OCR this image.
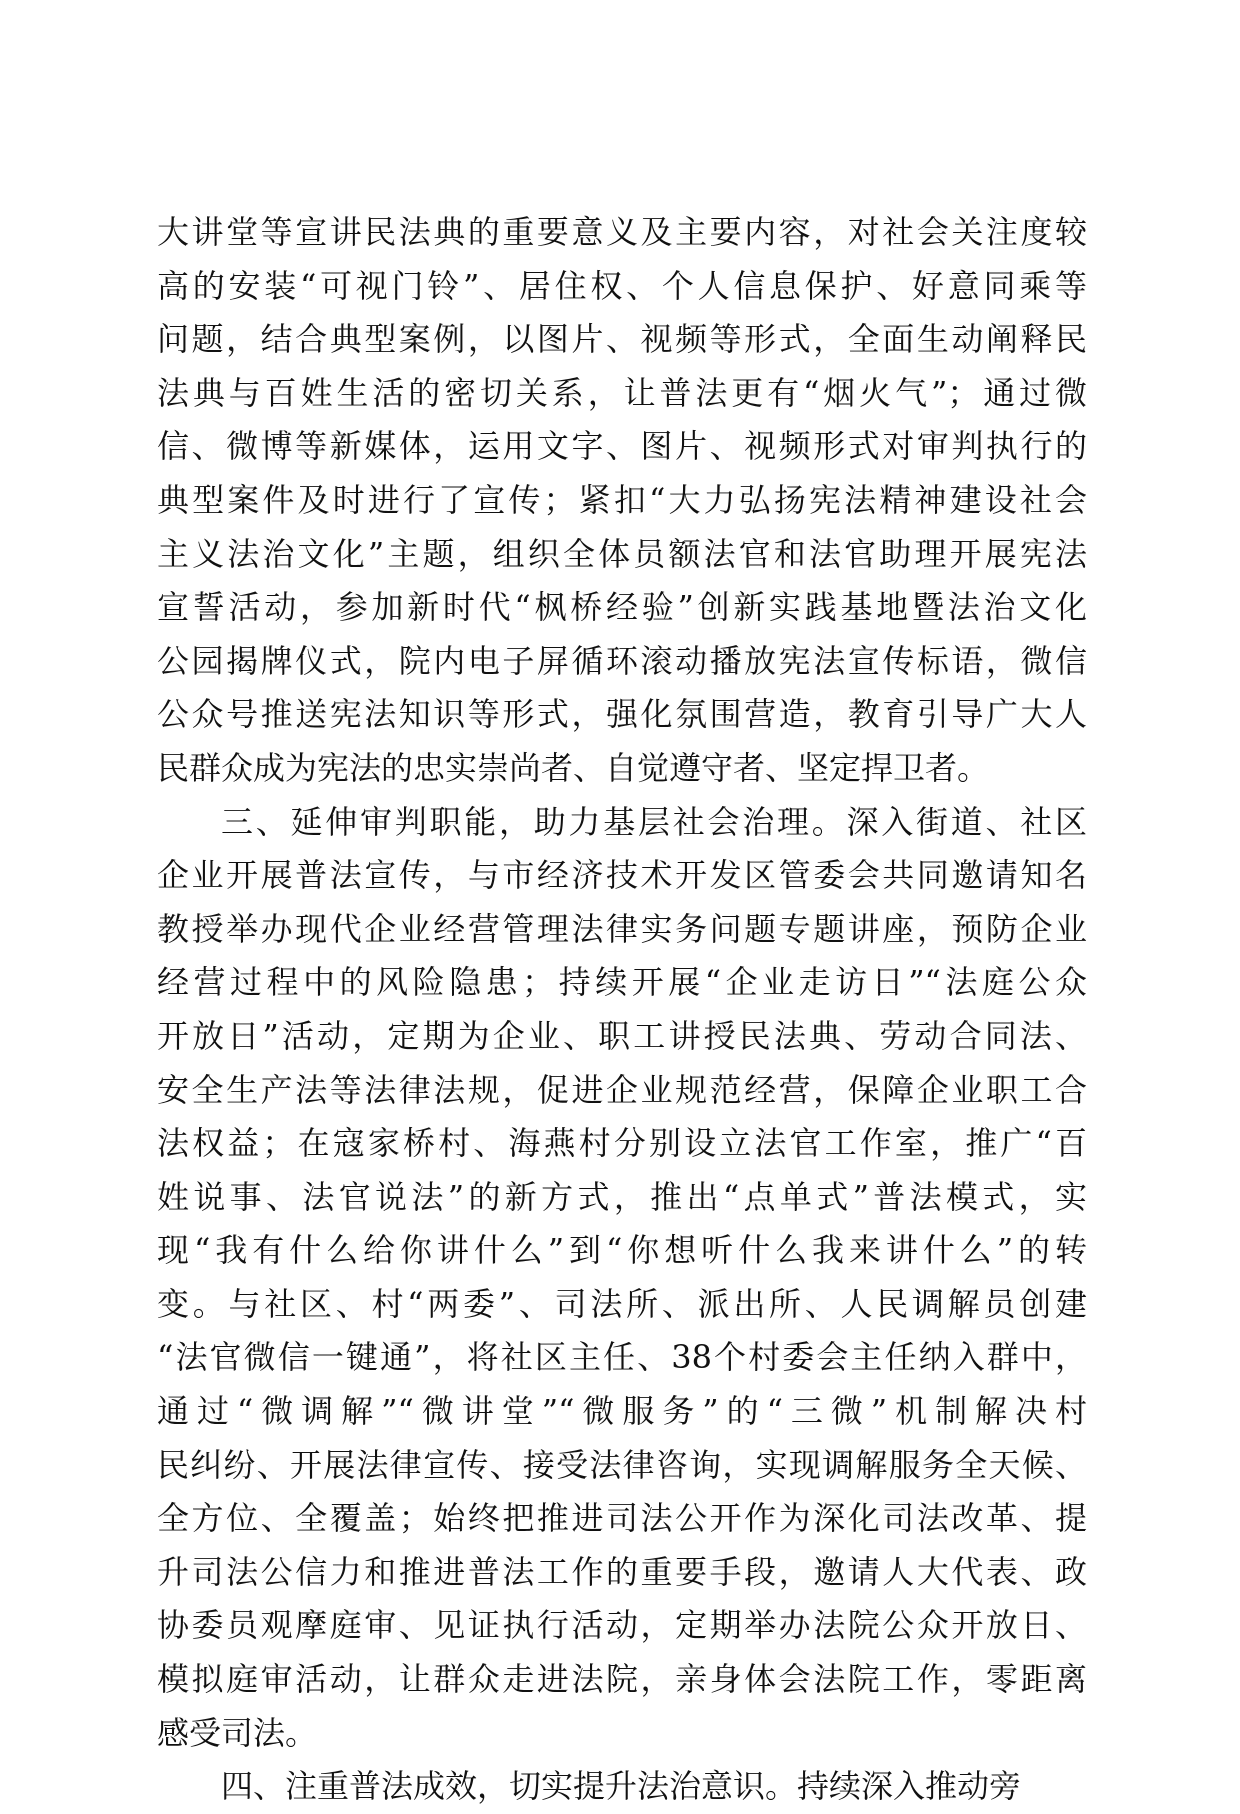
大讲堂等宣讲民法典的重要意义及主要内容，对社会关注度较
高的安装“可视门铃”、居住权、个人信息保护、好意同乘等
问题，结合典型案例，以图片、视频等形式，全面生动阐释民
法典与百姓生活的密切关系，让普法更有“烟火气”；通过微
信、微博等新媒体，运用文字、图片、视频形式对审判执行的
典型案件及时进行了宣传；紧扣“大力弘扬宪法精神建设社会
主义法治文化”主题，组织全体员额法官和法官助理开展宪法
宣誓活动，参加新时代“枫桥经验”创新实践基地暨法治文化
公园揭牌仪式，院内电子屏循环滚动播放宪法宣传标语，微信
公众号推送宪法知识等形式，强化氛围营造，教育引导广大人
民群众成为宪法的忠实崇尚者、自觉遵守者、坚定捍卫者。
三、延伸审判职能，助力基层社会治理。深入街道、社区
企业开展普法宣传，与市经济技术开发区管委会共同邀请知名
教授举办现代企业经营管理法律实务问题专题讲座，预防企业
经营过程中的风险隐患；持续开展“企业走访日”“法庭公众
开放日”活动，定期为企业、职工讲授民法典、劳动合同法、
安全生产法等法律法规，促进企业规范经营，保障企业职工合
法权益；在寇家桥村、海燕村分别设立法官工作室，推广“百
姓说事、法官说法”的新方式，推出“点单式”普法模式，实
现“我有什么给你讲什么”到“你想听什么我来讲什么”的转
变。与社区、村“两委”、司法所、派出所、人民调解员创建
“法官微信一键通”，将社区主任、38个村委会主任纳入群中，
通过“微调解”“微讲堂”“微服务”的“三微”机制解决村
民纠纷、开展法律宣传、接受法律咨询，实现调解服务全天候、
全方位、全覆盖；始终把推进司法公开作为深化司法改革、提
升司法公信力和推进普法工作的重要手段，邀请人大代表、政
协委员观摩庭审、见证执行活动，定期举办法院公众开放日、
模拟庭审活动，让群众走进法院，亲身体会法院工作，零距离
感受司法。
四、注重普法成效，切实提升法治意识。持续深入推动旁
